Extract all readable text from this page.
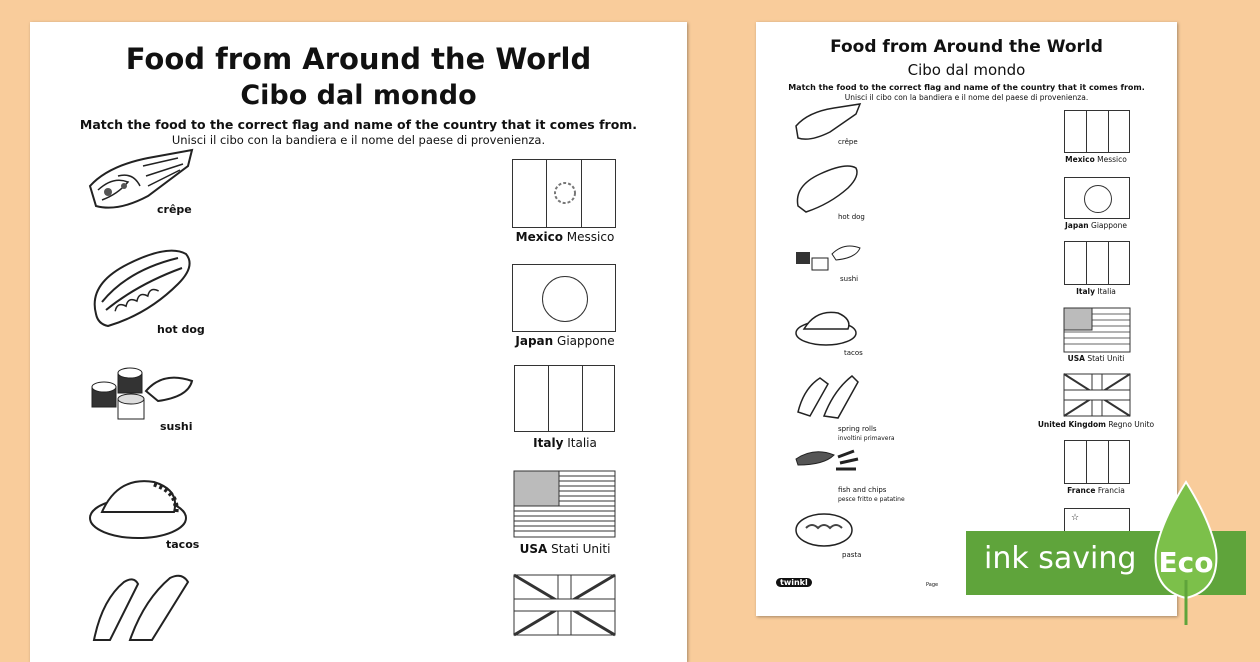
Food from Around the World
Cibo dal mondo
Match the food to the correct flag and name of the country that it comes from.
Unisci il cibo con la bandiera e il nome del paese di provenienza.
crêpe
hot dog
sushi
tacos
Mexico Messico
Japan Giappone
Italy Italia
USA Stati Uniti
Food from Around the World
Cibo dal mondo
Match the food to the correct flag and name of the country that it comes from.
Unisci il cibo con la bandiera e il nome del paese di provenienza.
crêpe
hot dog
sushi
tacos
spring rolls
involtini primavera
fish and chips
pesce fritto e patatine
pasta
Mexico Messico
Japan Giappone
Italy Italia
USA Stati Uniti
United Kingdom Regno Unito
France Francia
☆
twinkl	Page
ink saving Eco
